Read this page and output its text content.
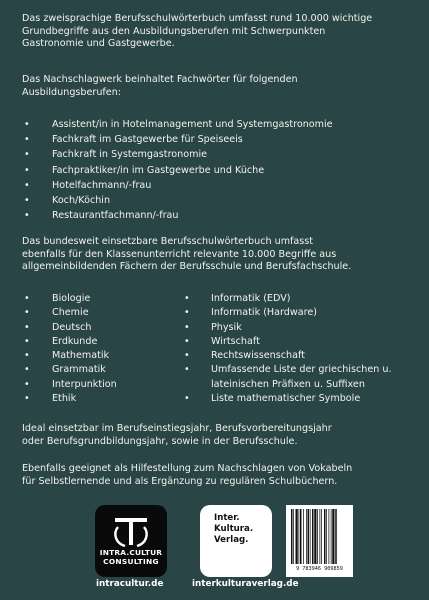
Das zweisprachige Berufsschulwörterbuch umfasst rund 10.000 wichtige

Grundbegriffe aus den Ausbildungsberufen mit Schwerpunkten

Gastronomie und Gastgewerbe.

Das Nachschlagwerk beinhaltet Fachwörter für folgenden

Ausbildungsberufen:

• Assistent/in in Hotelmanagement und Systemgastronomie
• Fachkraft im Gastgewerbe für Speiseeis
• Fachkraft in Systemgastronomie
• Fachpraktiker/in im Gastgewerbe und Küche
• Hotelfachmann/-frau
• Koch/Köchin
• Restaurantfachmann/-frau

Das bundesweit einsetzbare Berufsschulwörterbuch umfasst

ebenfalls für den Klassenunterricht relevante 10.000 Begriffe aus

allgemeinbildenden Fächern der Berufsschule und Berufsfachschule.

• Biologie
• Chemie
• Deutsch
• Erdkunde
• Mathematik
• Grammatik
• Interpunktion
• Ethik
• Informatik (EDV)
• Informatik (Hardware)
• Physik
• Wirtschaft
• Rechtswissenschaft
• Umfassende Liste der griechischen u.
lateinischen Präfixen u. Suffixen
• Liste mathematischer Symbole

Ideal einsetzbar im Berufseinstiegsjahr, Berufsvorbereitungsjahr

oder Berufsgrundbildungsjahr, sowie in der Berufsschule.

Ebenfalls geeignet als Hilfestellung zum Nachschlagen von Vokabeln

für Selbstlernende und als Ergänzung zu regulären Schulbüchern.

INTRA.CULTUR
CONSULTING
Inter.
Kultura.
Verlag.
9 783946 909859
intracultur.de	interkulturaverlag.de
